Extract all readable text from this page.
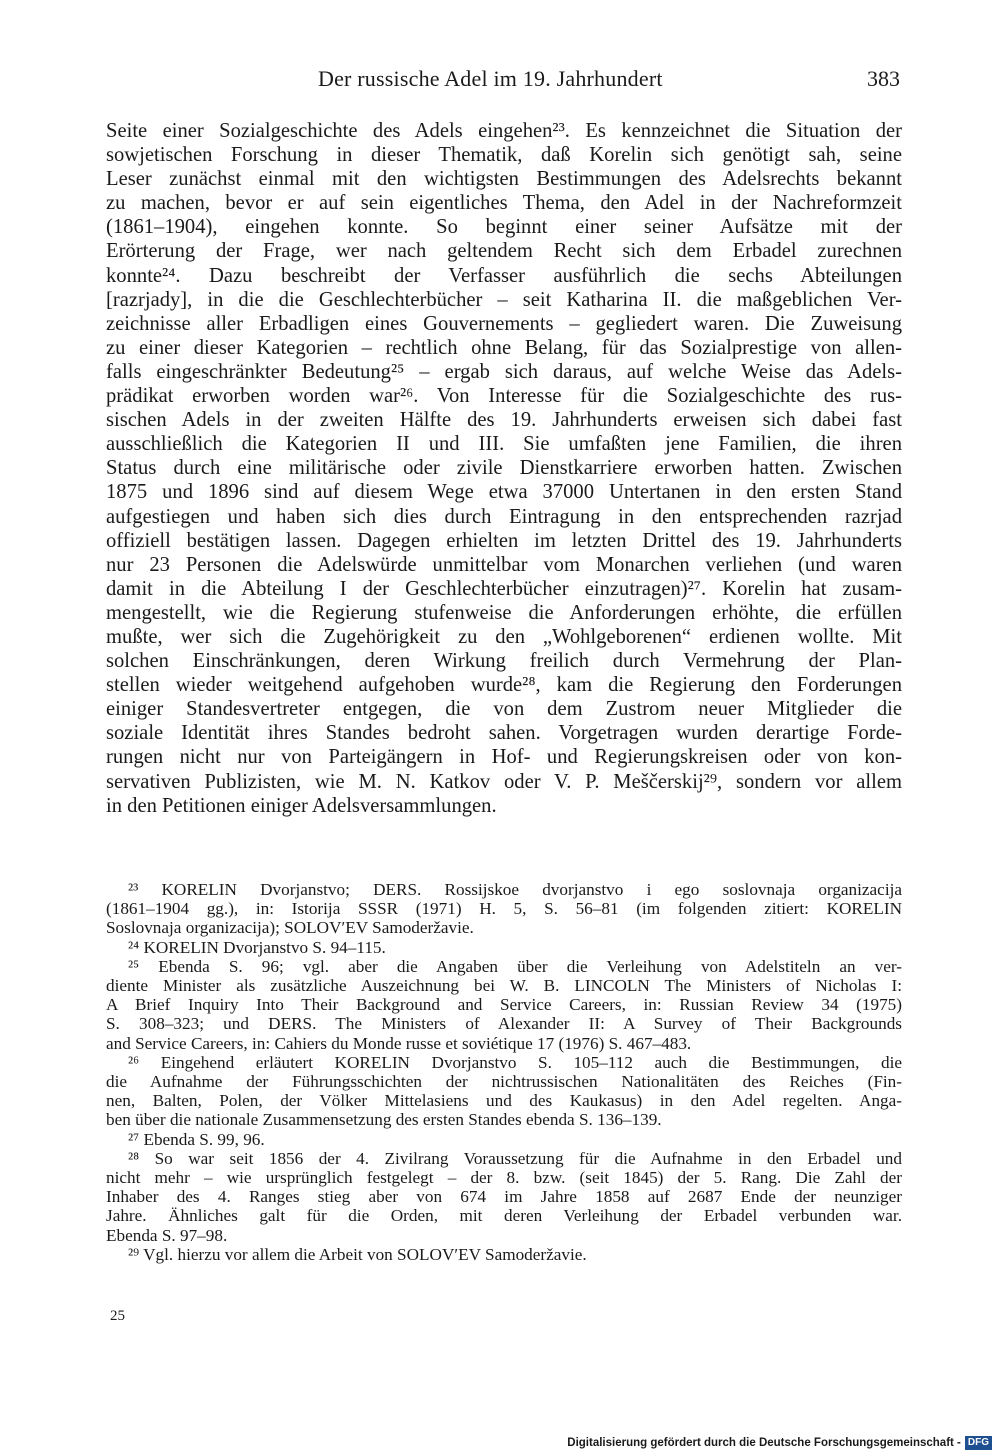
Der russische Adel im 19. Jahrhundert	383
Seite einer Sozialgeschichte des Adels eingehen²³. Es kennzeichnet die Situation der
sowjetischen Forschung in dieser Thematik, daß Korelin sich genötigt sah, seine
Leser zunächst einmal mit den wichtigsten Bestimmungen des Adelsrechts bekannt
zu machen, bevor er auf sein eigentliches Thema, den Adel in der Nachreformzeit
(1861–1904), eingehen konnte. So beginnt einer seiner Aufsätze mit der
Erörterung der Frage, wer nach geltendem Recht sich dem Erbadel zurechnen
konnte²⁴. Dazu beschreibt der Verfasser ausführlich die sechs Abteilungen
[razrjady], in die die Geschlechterbücher – seit Katharina II. die maßgeblichen Ver-
zeichnisse aller Erbadligen eines Gouvernements – gegliedert waren. Die Zuweisung
zu einer dieser Kategorien – rechtlich ohne Belang, für das Sozialprestige von allen-
falls eingeschränkter Bedeutung²⁵ – ergab sich daraus, auf welche Weise das Adels-
prädikat erworben worden war²⁶. Von Interesse für die Sozialgeschichte des rus-
sischen Adels in der zweiten Hälfte des 19. Jahrhunderts erweisen sich dabei fast
ausschließlich die Kategorien II und III. Sie umfaßten jene Familien, die ihren
Status durch eine militärische oder zivile Dienstkarriere erworben hatten. Zwischen
1875 und 1896 sind auf diesem Wege etwa 37000 Untertanen in den ersten Stand
aufgestiegen und haben sich dies durch Eintragung in den entsprechenden razrjad
offiziell bestätigen lassen. Dagegen erhielten im letzten Drittel des 19. Jahrhunderts
nur 23 Personen die Adelswürde unmittelbar vom Monarchen verliehen (und waren
damit in die Abteilung I der Geschlechterbücher einzutragen)²⁷. Korelin hat zusam-
mengestellt, wie die Regierung stufenweise die Anforderungen erhöhte, die erfüllen
mußte, wer sich die Zugehörigkeit zu den „Wohlgeborenen“ erdienen wollte. Mit
solchen Einschränkungen, deren Wirkung freilich durch Vermehrung der Plan-
stellen wieder weitgehend aufgehoben wurde²⁸, kam die Regierung den Forderungen
einiger Standesvertreter entgegen, die von dem Zustrom neuer Mitglieder die
soziale Identität ihres Standes bedroht sahen. Vorgetragen wurden derartige Forde-
rungen nicht nur von Parteigängern in Hof- und Regierungskreisen oder von kon-
servativen Publizisten, wie M. N. Katkov oder V. P. Meščerskij²⁹, sondern vor allem
in den Petitionen einiger Adelsversammlungen.
²³ KORELIN Dvorjanstvo; DERS. Rossijskoe dvorjanstvo i ego soslovnaja organizacija
(1861–1904 gg.), in: Istorija SSSR (1971) H. 5, S. 56–81 (im folgenden zitiert: KORELIN
Soslovnaja organizacija); SOLOVʹEV Samoderžavie.
²⁴ KORELIN Dvorjanstvo S. 94–115.
²⁵ Ebenda S. 96; vgl. aber die Angaben über die Verleihung von Adelstiteln an ver-
diente Minister als zusätzliche Auszeichnung bei W. B. LINCOLN The Ministers of Nicholas I:
A Brief Inquiry Into Their Background and Service Careers, in: Russian Review 34 (1975)
S. 308–323; und DERS. The Ministers of Alexander II: A Survey of Their Backgrounds
and Service Careers, in: Cahiers du Monde russe et soviétique 17 (1976) S. 467–483.
²⁶ Eingehend erläutert KORELIN Dvorjanstvo S. 105–112 auch die Bestimmungen, die
die Aufnahme der Führungsschichten der nichtrussischen Nationalitäten des Reiches (Fin-
nen, Balten, Polen, der Völker Mittelasiens und des Kaukasus) in den Adel regelten. Anga-
ben über die nationale Zusammensetzung des ersten Standes ebenda S. 136–139.
²⁷ Ebenda S. 99, 96.
²⁸ So war seit 1856 der 4. Zivilrang Voraussetzung für die Aufnahme in den Erbadel und
nicht mehr – wie ursprünglich festgelegt – der 8. bzw. (seit 1845) der 5. Rang. Die Zahl der
Inhaber des 4. Ranges stieg aber von 674 im Jahre 1858 auf 2687 Ende der neunziger
Jahre. Ähnliches galt für die Orden, mit deren Verleihung der Erbadel verbunden war.
Ebenda S. 97–98.
²⁹ Vgl. hierzu vor allem die Arbeit von SOLOVʹEV Samoderžavie.
25
Digitalisierung gefördert durch die Deutsche Forschungsgemeinschaft - DFG
